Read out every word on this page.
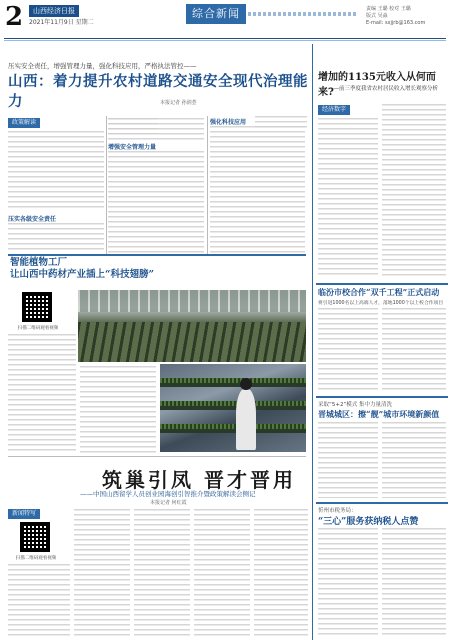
2	山西经济日报
2021年11月9日 星期二
综合新闻	责编 王璐 校对 王璐
版式 吴淼
E-mail: sxjjrb@163.com
压实安全责任，增强管理力量，强化科技应用，严格执法管控——
山西：着力提升农村道路交通安全现代治理能力	本报记者 孙润荟
政策解读
压实各级安全责任
增强安全管理力量
强化科技应用
智能植物工厂
让山西中药材产业插上“科技翅膀”
扫描二维码观看视频
筑巢引凤 晋才晋用
——中国山西留学人员创业园海创引智推介暨政策解读会侧记
本报记者 何红霞
新闻特写
扫描二维码观看视频
增加的1135元收入从何而来?
——前三季度我省农村居民收入增长观察分析
经济数字
临汾市校合作“双千工程”正式启动
将引进1000名以上高端人才，落地1000个以上校合作项目
采取“5+2”模式 集中力量清洗
晋城城区：擦“靓”城市环境新颜值
忻州市税务局：
“三心”服务获纳税人点赞
